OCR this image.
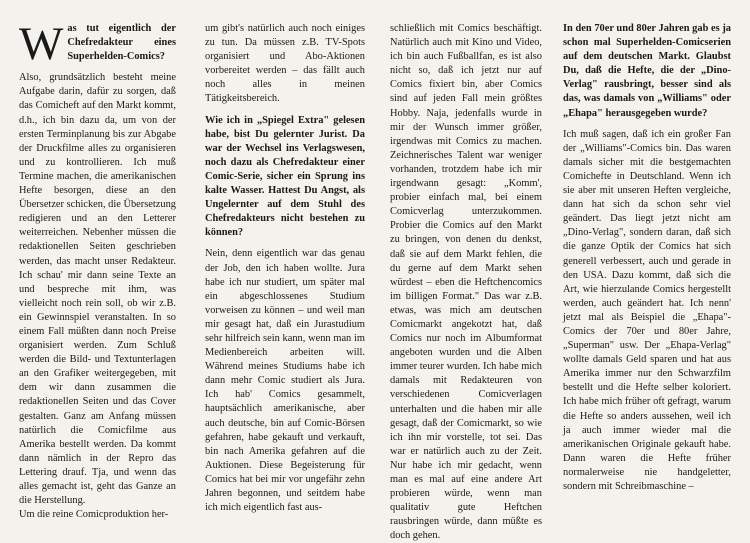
Was tut eigentlich der Chefredakteur eines Superhelden-Comics?

Also, grundsätzlich besteht meine Aufgabe darin, dafür zu sorgen, daß das Comicheft auf den Markt kommt, d.h., ich bin dazu da, um von der ersten Terminplanung bis zur Abgabe der Druckfilme alles zu organisieren und zu kontrollieren. Ich muß Termine machen, die amerikanischen Hefte besorgen, diese an den Übersetzer schicken, die Übersetzung redigieren und an den Letterer weiterreichen. Nebenher müssen die redaktionellen Seiten geschrieben werden, das macht unser Redakteur. Ich schau' mir dann seine Texte an und bespreche mit ihm, was vielleicht noch rein soll, ob wir z.B. ein Gewinnspiel veranstalten. In so einem Fall müßten dann noch Preise organisiert werden. Zum Schluß werden die Bild- und Textunterlagen an den Grafiker weitergegeben, mit dem wir dann zusammen die redaktionellen Seiten und das Cover gestalten. Ganz am Anfang müssen natürlich die Comicfilme aus Amerika bestellt werden. Da kommt dann nämlich in der Repro das Lettering drauf. Tja, und wenn das alles gemacht ist, geht das Ganze an die Herstellung.

Um die reine Comicproduktion her-

um gibt's natürlich auch noch einiges zu tun. Da müssen z.B. TV-Spots organisiert und Abo-Aktionen vorbereitet werden – das fällt auch noch alles in meinen Tätigkeitsbereich.

Wie ich in „Spiegel Extra" gelesen habe, bist Du gelernter Jurist. Da war der Wechsel ins Verlagswesen, noch dazu als Chefredakteur einer Comic-Serie, sicher ein Sprung ins kalte Wasser. Hattest Du Angst, als Ungelernter auf dem Stuhl des Chefredakteurs nicht bestehen zu können?

Nein, denn eigentlich war das genau der Job, den ich haben wollte. Jura habe ich nur studiert, um später mal ein abgeschlossenes Studium vorweisen zu können – und weil man mir gesagt hat, daß ein Jurastudium sehr hilfreich sein kann, wenn man im Medienbereich arbeiten will. Während meines Studiums habe ich dann mehr Comic studiert als Jura. Ich hab' Comics gesammelt, hauptsächlich amerikanische, aber auch deutsche, bin auf Comic-Börsen gefahren, habe gekauft und verkauft, bin nach Amerika gefahren auf die Auktionen. Diese Begeisterung für Comics hat bei mir vor ungefähr zehn Jahren begonnen, und seitdem habe ich mich eigentlich fast aus-

schließlich mit Comics beschäftigt. Natürlich auch mit Kino und Video, ich bin auch Fußballfan, es ist also nicht so, daß ich jetzt nur auf Comics fixiert bin, aber Comics sind auf jeden Fall mein größtes Hobby. Naja, jedenfalls wurde in mir der Wunsch immer größer, irgendwas mit Comics zu machen. Zeichnerisches Talent war weniger vorhanden, trotzdem habe ich mir irgendwann gesagt: „Komm', probier einfach mal, bei einem Comicverlag unterzukommen. Probier die Comics auf den Markt zu bringen, von denen du denkst, daß sie auf dem Markt fehlen, die du gerne auf dem Markt sehen würdest – eben die Heftchencomics im billigen Format." Das war z.B. etwas, was mich am deutschen Comicmarkt angekotzt hat, daß Comics nur noch im Albumformat angeboten wurden und die Alben immer teurer wurden. Ich habe mich damals mit Redakteuren von verschiedenen Comicverlagen unterhalten und die haben mir alle gesagt, daß der Comicmarkt, so wie ich ihn mir vorstelle, tot sei. Das war er natürlich auch zu der Zeit. Nur habe ich mir gedacht, wenn man es mal auf eine andere Art probieren würde, wenn man qualitativ gute Heftchen rausbringen würde, dann müßte es doch gehen.

In den 70er und 80er Jahren gab es ja schon mal Superhelden-Comicserien auf dem deutschen Markt. Glaubst Du, daß die Hefte, die der „Dino-Verlag" rausbringt, besser sind als das, was damals von „Williams" oder „Ehapa" herausgegeben wurde?

Ich muß sagen, daß ich ein großer Fan der „Williams"-Comics bin. Das waren damals sicher mit die bestgemachten Comichefte in Deutschland. Wenn ich sie aber mit unseren Heften vergleiche, dann hat sich da schon sehr viel geändert. Das liegt jetzt nicht am „Dino-Verlag", sondern daran, daß sich die ganze Optik der Comics hat sich generell verbessert, auch und gerade in den USA. Dazu kommt, daß sich die Art, wie hierzulande Comics hergestellt werden, auch geändert hat. Ich nenn' jetzt mal als Beispiel die „Ehapa"-Comics der 70er und 80er Jahre, „Superman" usw. Der „Ehapa-Verlag" wollte damals Geld sparen und hat aus Amerika immer nur den Schwarzfilm bestellt und die Hefte selber koloriert. Ich habe mich früher oft gefragt, warum die Hefte so anders aussehen, weil ich ja auch immer wieder mal die amerikanischen Originale gekauft habe. Dann waren die Hefte früher normalerweise nie handgeletter, sondern mit Schreibmaschine –
